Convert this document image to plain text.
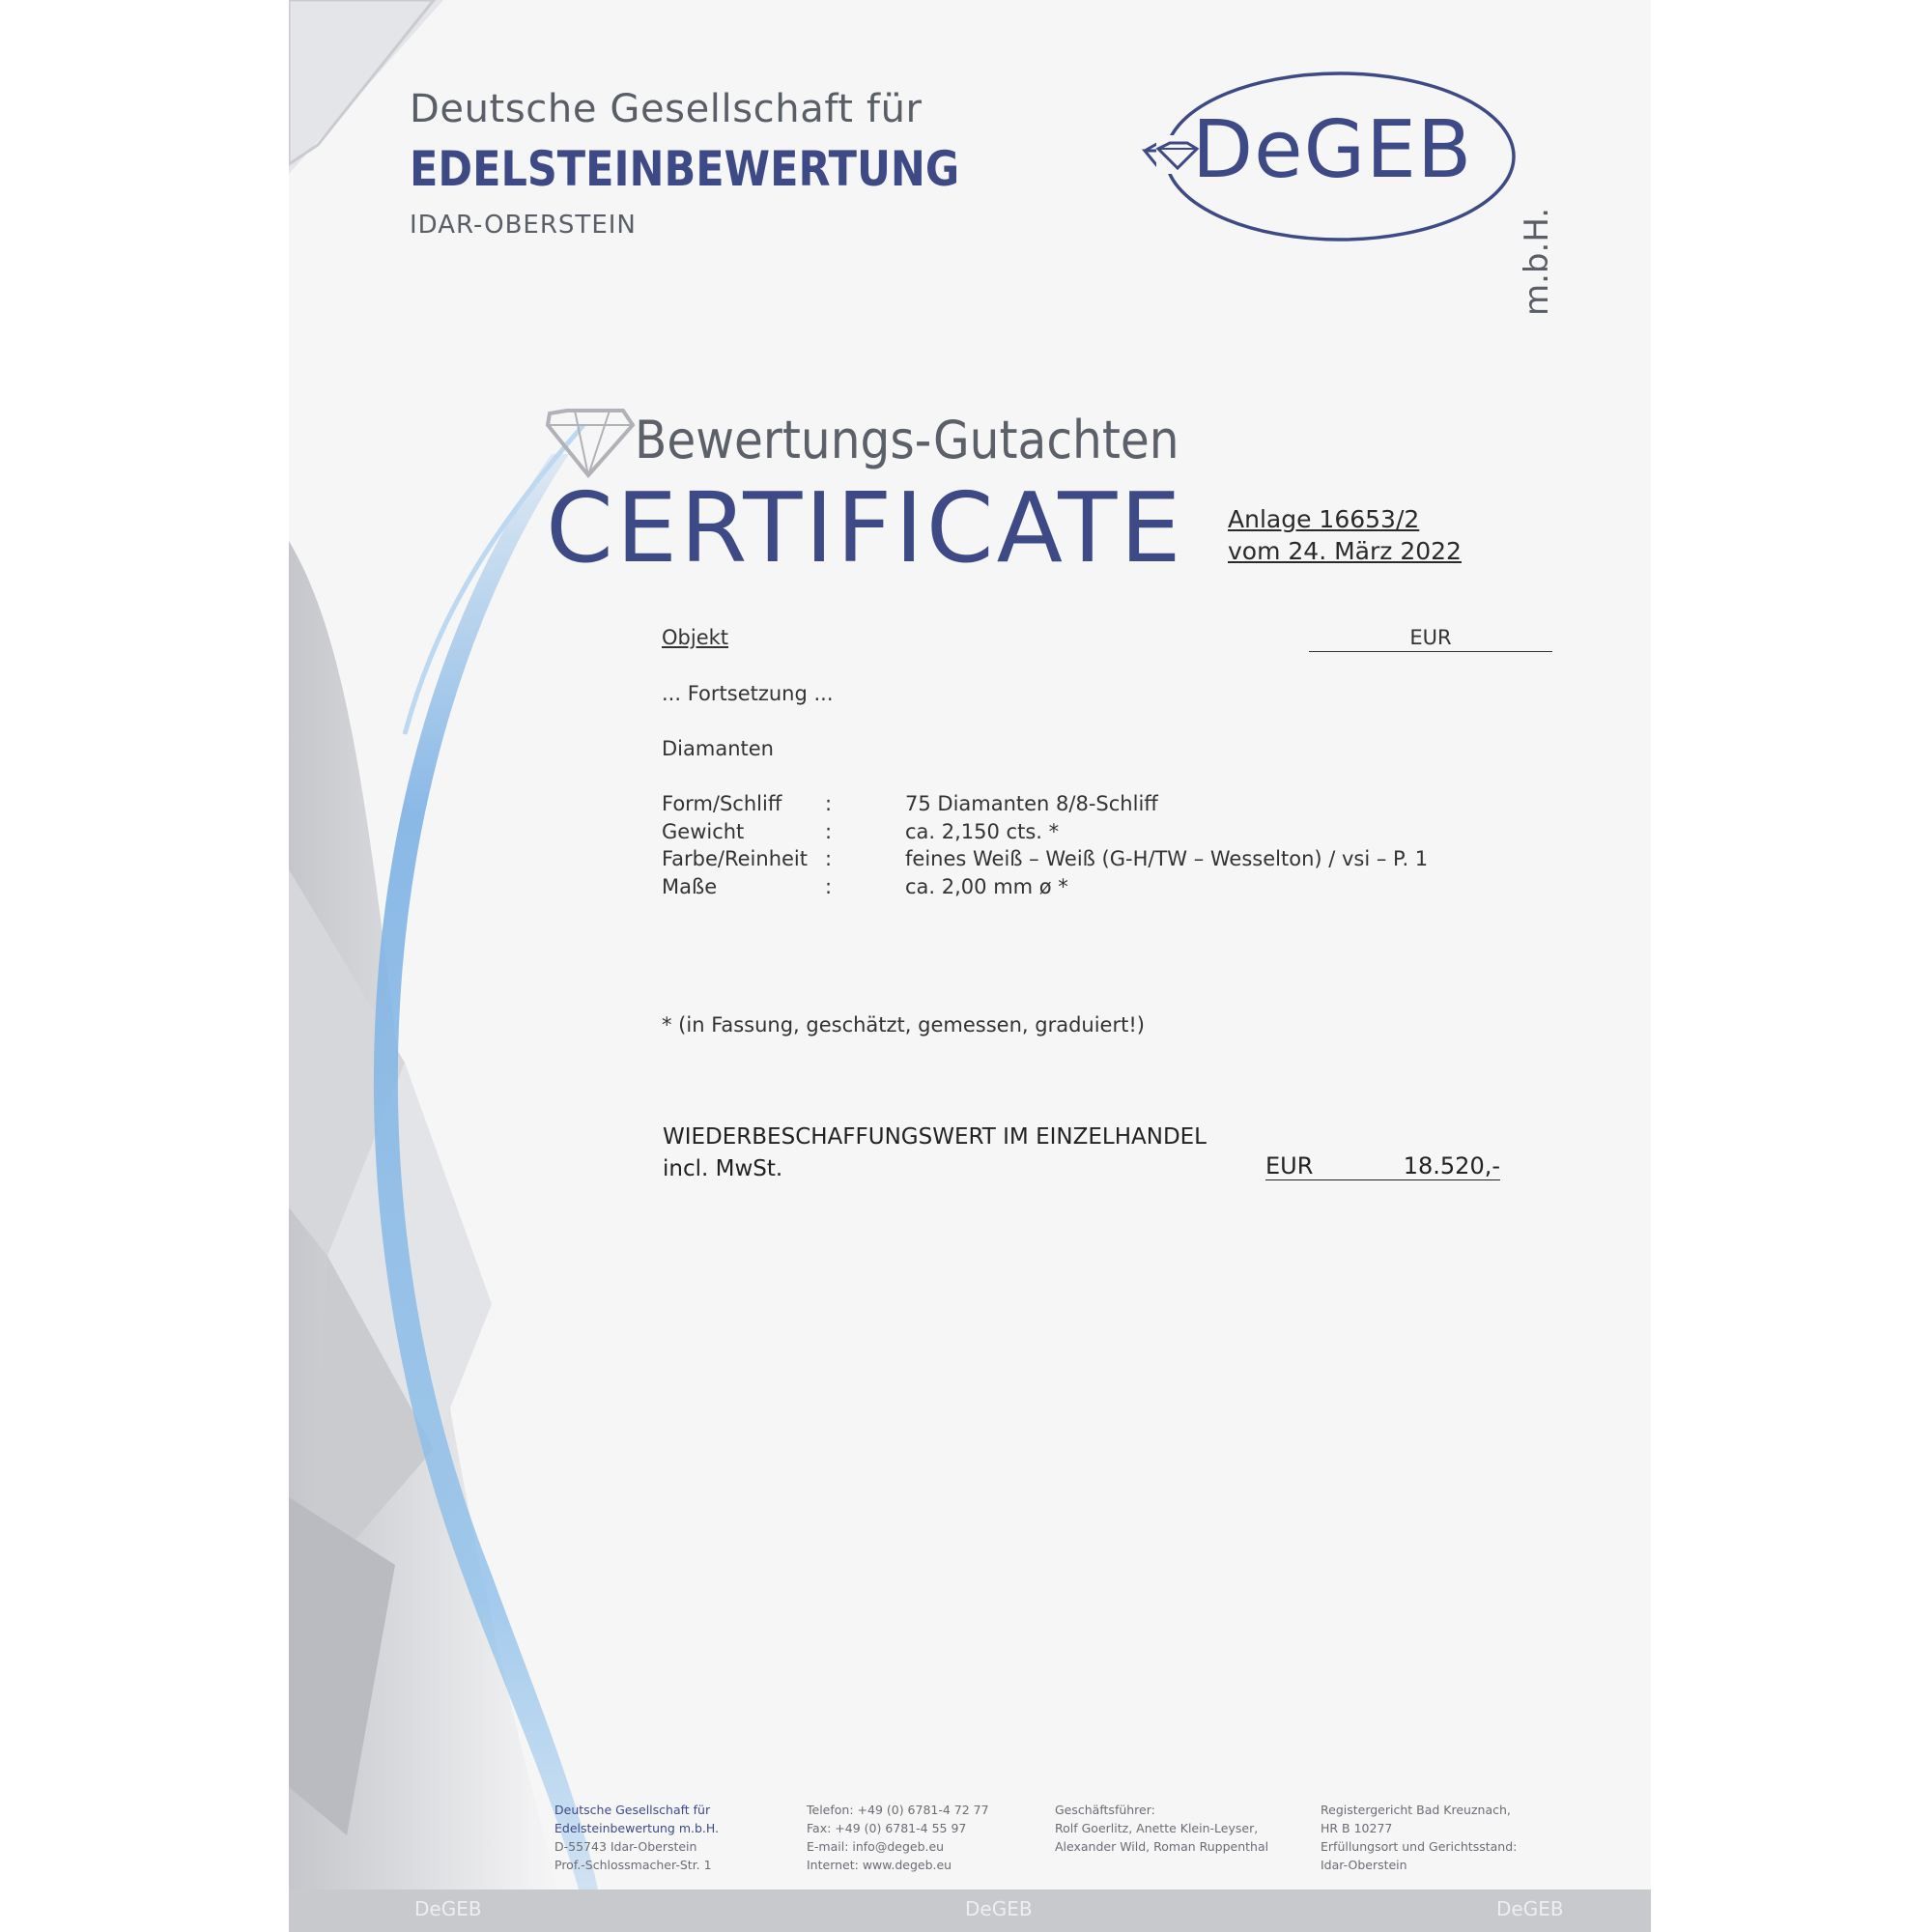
Deutsche Gesellschaft für
EDELSTEINBEWERTUNG
m.b.H.
IDAR-OBERSTEIN
DeGEB
Bewertungs-Gutachten
CERTIFICATE Anlage 16653/2
vom 24. März 2022
Objekt	EUR
... Fortsetzung ...
Diamanten
Form/Schliff :	75 Diamanten 8/8-Schliff
Gewicht	:	ca. 2,150 cts. *
Farbe/Reinheit :	feines Weiß – Weiß (G-H/TW – Wesselton) / vsi – P. 1
Maße	:	ca. 2,00 mm ø *
* (in Fassung, geschätzt, gemessen, graduiert!)
WIEDERBESCHAFFUNGSWERT IM EINZELHANDEL
incl. MwSt.	EUR	18.520,-

Deutsche Gesellschaft für
Edelsteinbewertung m.b.H.
D-55743 Idar-Oberstein
Prof.-Schlossmacher-Str. 1
Telefon: +49 (0) 6781-4 72 77
Fax: +49 (0) 6781-4 55 97
E-mail: info@degeb.eu
Internet: www.degeb.eu
Geschäftsführer:
Rolf Goerlitz, Anette Klein-Leyser,
Alexander Wild, Roman Ruppenthal
Registergericht Bad Kreuznach,
HR B 10277
Erfüllungsort und Gerichtsstand:
Idar-Oberstein
DeGEB	DeGEB	DeGEB
